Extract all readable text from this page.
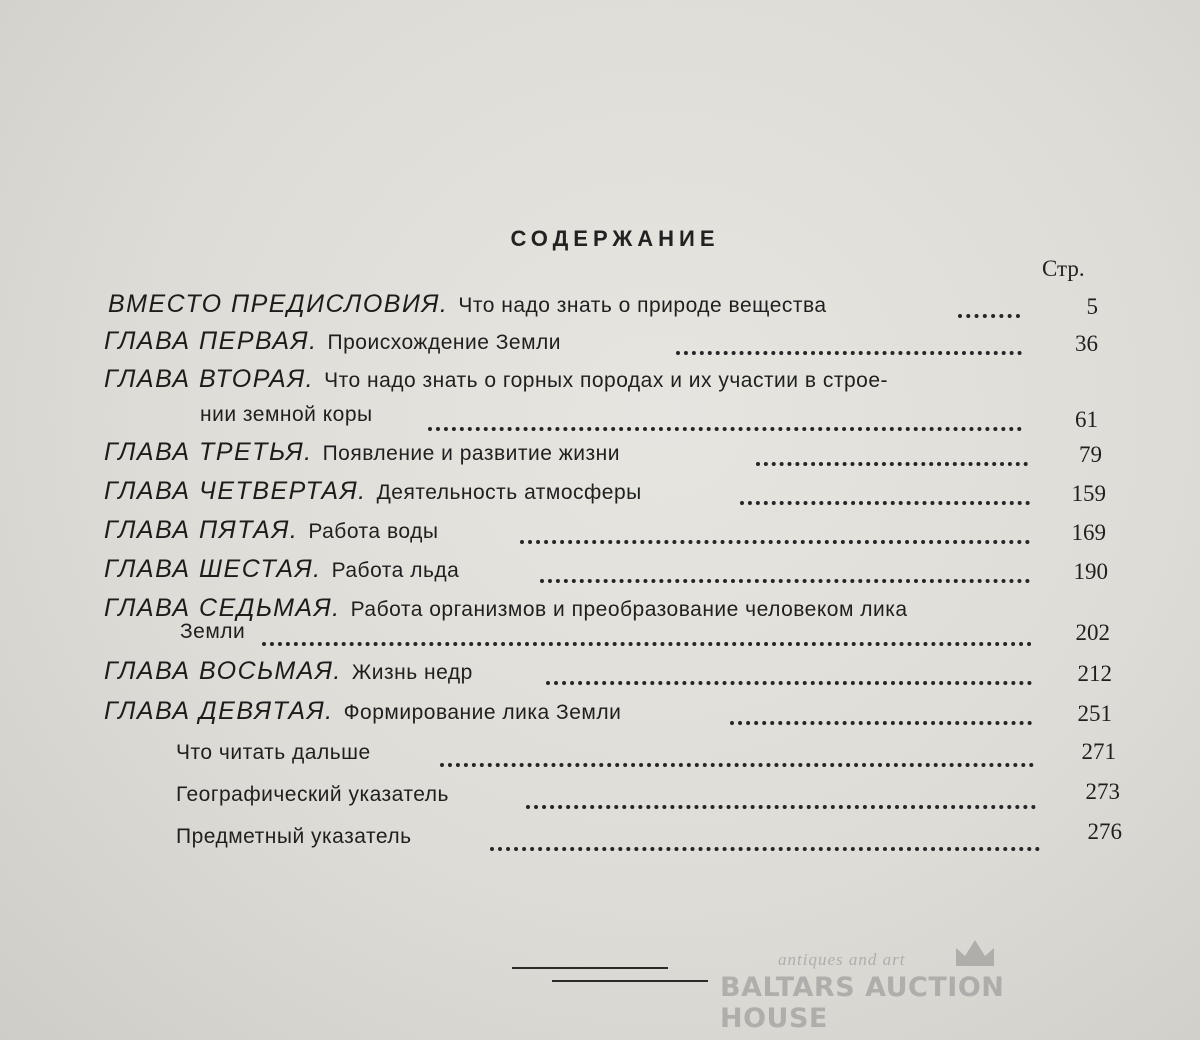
СОДЕРЖАНИЕ
Стр.
ВМЕСТО ПРЕДИСЛОВИЯ. Что надо знать о природе вещества	5
ГЛАВА ПЕРВАЯ. Происхождение Земли	36
ГЛАВА ВТОРАЯ. Что надо знать о горных породах и их участии в строе-
нии земной коры	61
ГЛАВА ТРЕТЬЯ. Появление и развитие жизни	79
ГЛАВА ЧЕТВЕРТАЯ. Деятельность атмосферы	159
ГЛАВА ПЯТАЯ. Работа воды	169
ГЛАВА ШЕСТАЯ. Работа льда	190
ГЛАВА СЕДЬМАЯ. Работа организмов и преобразование человеком лика
Земли	202
ГЛАВА ВОСЬМАЯ. Жизнь недр	212
ГЛАВА ДЕВЯТАЯ. Формирование лика Земли	251
Что читать дальше	271
Географический указатель	273
Предметный указатель	276
antiques and art
BALTARS AUCTION HOUSE
